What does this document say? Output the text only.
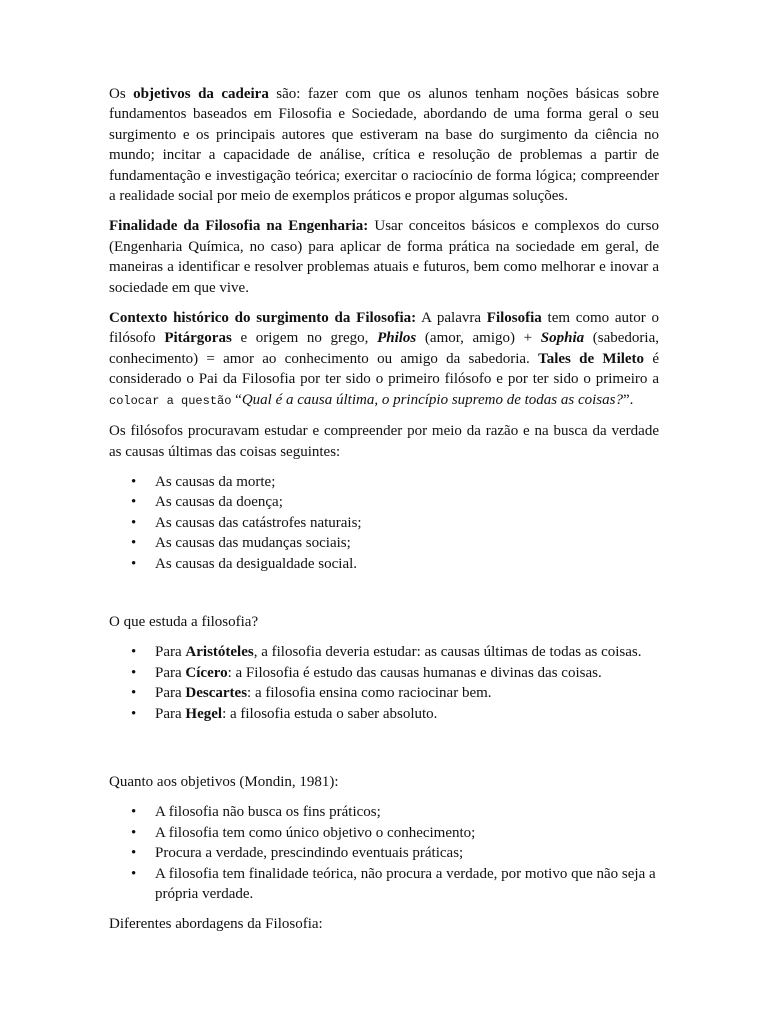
Os objetivos da cadeira são: fazer com que os alunos tenham noções básicas sobre fundamentos baseados em Filosofia e Sociedade, abordando de uma forma geral o seu surgimento e os principais autores que estiveram na base do surgimento da ciência no mundo; incitar a capacidade de análise, crítica e resolução de problemas a partir de fundamentação e investigação teórica; exercitar o raciocínio de forma lógica; compreender a realidade social por meio de exemplos práticos e propor algumas soluções.

Finalidade da Filosofia na Engenharia: Usar conceitos básicos e complexos do curso (Engenharia Química, no caso) para aplicar de forma prática na sociedade em geral, de maneiras a identificar e resolver problemas atuais e futuros, bem como melhorar e inovar a sociedade em que vive.

Contexto histórico do surgimento da Filosofia: A palavra Filosofia tem como autor o filósofo Pitárgoras e origem no grego, Philos (amor, amigo) + Sophia (sabedoria, conhecimento) = amor ao conhecimento ou amigo da sabedoria. Tales de Mileto é considerado o Pai da Filosofia por ter sido o primeiro filósofo e por ter sido o primeiro a colocar a questão “Qual é a causa última, o princípio supremo de todas as coisas?”.

Os filósofos procuravam estudar e compreender por meio da razão e na busca da verdade as causas últimas das coisas seguintes:

• As causas da morte;
• As causas da doença;
• As causas das catástrofes naturais;
• As causas das mudanças sociais;
• As causas da desigualdade social.

O que estuda a filosofia?

• Para Aristóteles, a filosofia deveria estudar: as causas últimas de todas as coisas.
• Para Cícero: a Filosofia é estudo das causas humanas e divinas das coisas.
• Para Descartes: a filosofia ensina como raciocinar bem.
• Para Hegel: a filosofia estuda o saber absoluto.

Quanto aos objetivos (Mondin, 1981):

• A filosofia não busca os fins práticos;
• A filosofia tem como único objetivo o conhecimento;
• Procura a verdade, prescindindo eventuais práticas;
• A filosofia tem finalidade teórica, não procura a verdade, por motivo que não seja a própria verdade.

Diferentes abordagens da Filosofia:
